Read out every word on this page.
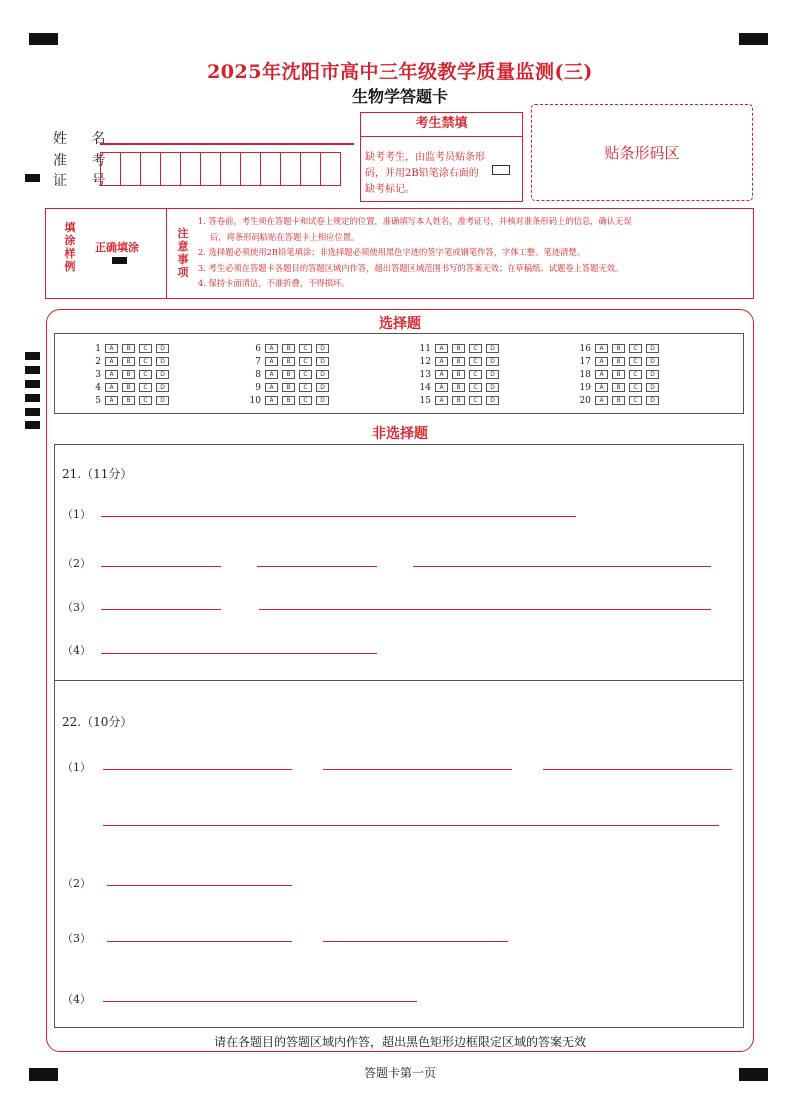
2025年沈阳市高中三年级教学质量监测(三)
生物学答题卡
姓 名
准 考
证 号
考生禁填
缺考考生，由监考员贴条形码，并用2B铅笔涂右面的缺考标记。
贴条形码区
填涂样例
正确填涂
注意事项
1. 答卷前，考生须在答题卡和试卷上规定的位置，准确填写本人姓名，准考证号，并核对准条形码上的信息，确认无误
后，将条形码粘贴在答题卡上相应位置。
2. 选择题必须使用2B铅笔填涂；非选择题必须使用黑色字迹的签字笔或钢笔作答，字体工整、笔迹清楚。
3. 考生必须在答题卡各题目的答题区域内作答，超出答题区域范围书写的答案无效；在草稿纸、试题卷上答题无效。
4. 保持卡面清洁，不准折叠，不得损坏。
选择题
1	A	B	C	D
2	A	B	C	D
3	A	B	C	D
4	A	B	C	D
5	A	B	C	D
6	A	B	C	D
7	A	B	C	D
8	A	B	C	D
9	A	B	C	D
10	A	B	C	D
11	A	B	C	D
12	A	B	C	D
13	A	B	C	D
14	A	B	C	D
15	A	B	C	D
16	A	B	C	D
17	A	B	C	D
18	A	B	C	D
19	A	B	C	D
20	A	B	C	D
非选择题
21.（11分）
（1）
（2）
（3）
（4）
22.（10分）
（1）
（2）
（3）
（4）
请在各题目的答题区域内作答，超出黑色矩形边框限定区域的答案无效
答题卡第一页
